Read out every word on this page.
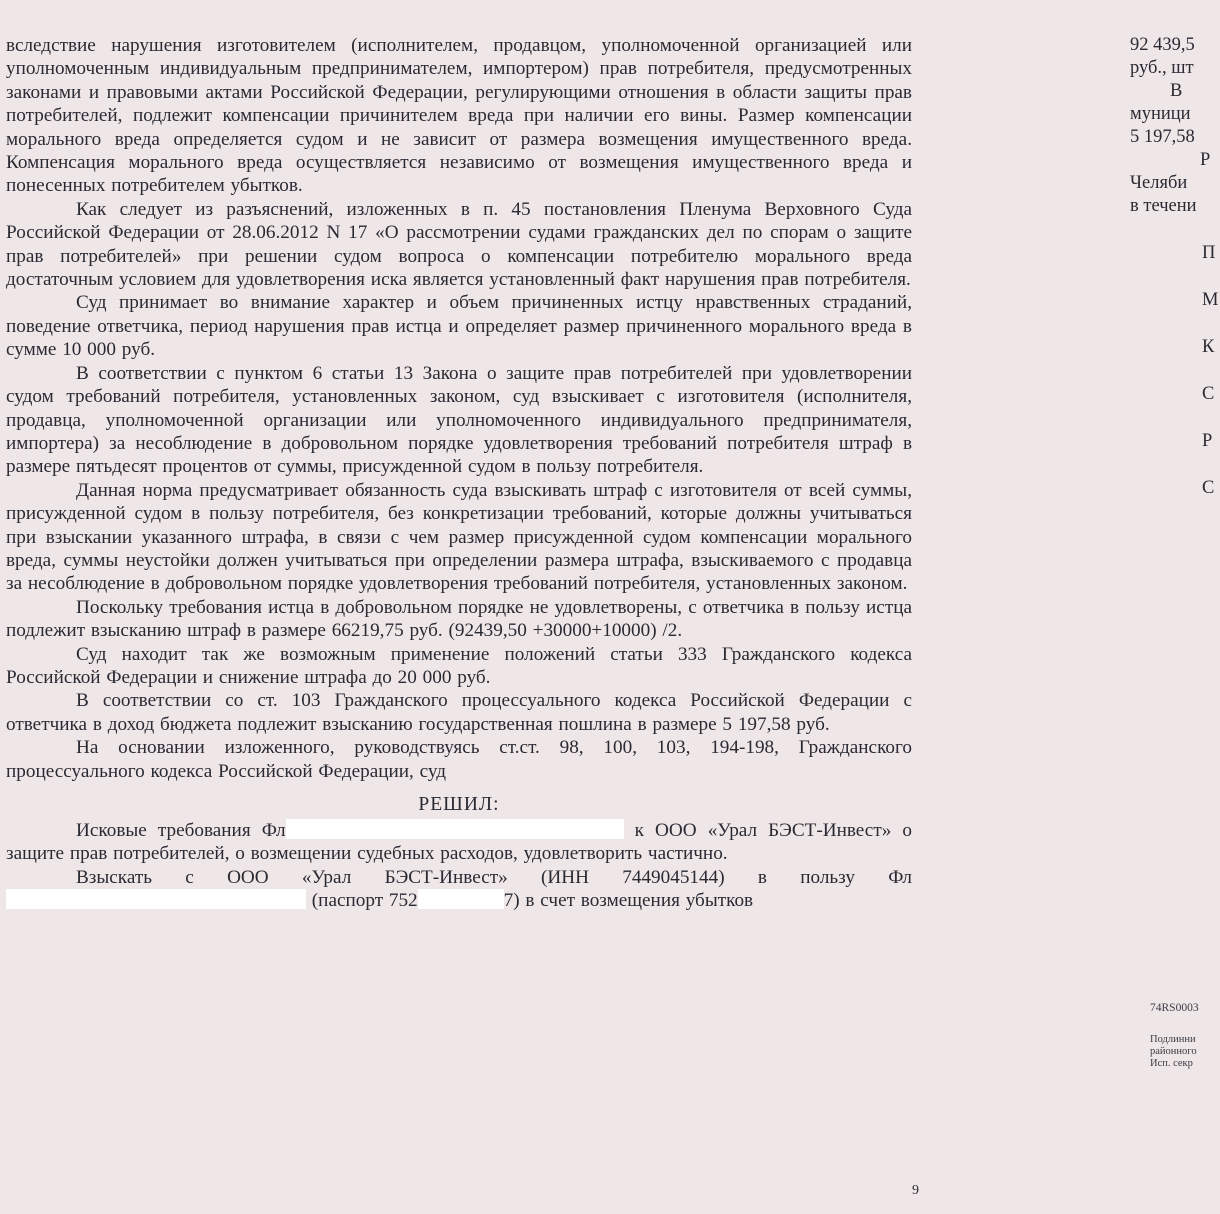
вследствие нарушения изготовителем (исполнителем, продавцом, уполномоченной организацией или уполномоченным индивидуальным предпринимателем, импортером) прав потребителя, предусмотренных законами и правовыми актами Российской Федерации, регулирующими отношения в области защиты прав потребителей, подлежит компенсации причинителем вреда при наличии его вины. Размер компенсации морального вреда определяется судом и не зависит от размера возмещения имущественного вреда. Компенсация морального вреда осуществляется независимо от возмещения имущественного вреда и понесенных потребителем убытков.

Как следует из разъяснений, изложенных в п. 45 постановления Пленума Верховного Суда Российской Федерации от 28.06.2012 N 17 «О рассмотрении судами гражданских дел по спорам о защите прав потребителей» при решении судом вопроса о компенсации потребителю морального вреда достаточным условием для удовлетворения иска является установленный факт нарушения прав потребителя.

Суд принимает во внимание характер и объем причиненных истцу нравственных страданий, поведение ответчика, период нарушения прав истца и определяет размер причиненного морального вреда в сумме 10 000 руб.

В соответствии с пунктом 6 статьи 13 Закона о защите прав потребителей при удовлетворении судом требований потребителя, установленных законом, суд взыскивает с изготовителя (исполнителя, продавца, уполномоченной организации или уполномоченного индивидуального предпринимателя, импортера) за несоблюдение в добровольном порядке удовлетворения требований потребителя штраф в размере пятьдесят процентов от суммы, присужденной судом в пользу потребителя.

Данная норма предусматривает обязанность суда взыскивать штраф с изготовителя от всей суммы, присужденной судом в пользу потребителя, без конкретизации требований, которые должны учитываться при взыскании указанного штрафа, в связи с чем размер присужденной судом компенсации морального вреда, суммы неустойки должен учитываться при определении размера штрафа, взыскиваемого с продавца за несоблюдение в добровольном порядке удовлетворения требований потребителя, установленных законом.

Поскольку требования истца в добровольном порядке не удовлетворены, с ответчика в пользу истца подлежит взысканию штраф в размере 66219,75 руб. (92439,50 +30000+10000) /2.

Суд находит так же возможным применение положений статьи 333 Гражданского кодекса Российской Федерации и снижение штрафа до 20 000 руб.

В соответствии со ст. 103 Гражданского процессуального кодекса Российской Федерации с ответчика в доход бюджета подлежит взысканию государственная пошлина в размере 5 197,58 руб.

На основании изложенного, руководствуясь ст.ст. 98, 100, 103, 194-198, Гражданского процессуального кодекса Российской Федерации, суд

РЕШИЛ:

Исковые требования Фл	к ООО «Урал БЭСТ-Инвест» о защите прав потребителей, о возмещении судебных расходов, удовлетворить частично.

Взыскать с ООО «Урал БЭСТ-Инвест» (ИНН 7449045144) в пользу Фл (паспорт 752	7) в счет возмещения убытков

9
92 439,5
руб., шт
В
муници
5 197,58
Р
Челяби
в течени
П
М
К
С
Р
С
74RS0003
Подлинни
районного
Исп. секр
